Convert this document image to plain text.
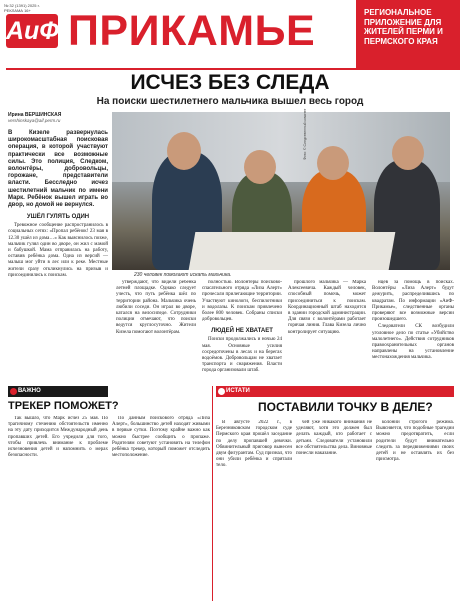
№ 32 (1391) 2025 г.
РЕКЛАМА 16+
АиФ ПРИКАМЬЕ	РЕГИОНАЛЬНОЕ ПРИЛОЖЕНИЕ ДЛЯ ЖИТЕЛЕЙ ПЕРМИ И ПЕРМСКОГО КРАЯ
ИСЧЕЗ БЕЗ СЛЕДА
На поиски шестилетнего мальчика вышел весь город
Ирина ВЕРШИНСКАЯ
vershinskaya@aif.perm.ru

В Кизеле развернулась широкомасштабная поисковая операция, в которой участвуют практически все возможные силы. Это полиция, Следком, волонтёры, добровольцы, горожане, представители власти. Бесследно исчез шестилетний мальчик по имени Марк. Ребёнок вышел играть во двор, но домой не вернулся.

УШЁЛ ГУЛЯТЬ ОДИН

Тревожное сообщение распространилось в социальных сетях: «Пропал ребёнок! 23 мая в 12.30 ушёл из дома…» Как выяснилось позже, мальчик гулял один во дворе, он жил с мамой и бабушкой. Мама отправилась на работу, оставив ребёнка дома. Одна из версий — малыш мог уйти в лес или к реке. Местные жители сразу откликнулись на призыв и присоединились к поискам.

Фото: © Следственный комитет
230 человек помогают искать мальчика.

утверждают, что видели ребёнка летней площадке. Однако следует учесть, что путь ребёнка шёл по территории района. Мальчика очень любили соседи. Он играл во дворе, катался на велосипеде. Сотрудники полиции отмечают, что поиски ведутся круглосуточно. Жители Кизела помогают волонтёрам.

полностью. Волонтёры поисково-спасательного отряда «Лиза Алерт» прочесали прилегающие территории. Участвуют кинологи, беспилотники и водолазы. К поискам привлечено более 800 человек. Собраны списки добровольцев.

ЛЮДЕЙ НЕ ХВАТАЕТ

Поиски продолжались и ночью 24 мая. Основные усилия сосредоточены в лесах и на берегах водоёмов. Добровольцам не хватает транспорта и снаряжения. Власти города организовали штаб.

прошлого мальчика — Марка Алексеевича. Каждый человек, способный помочь, может присоединиться к поискам. Координационный штаб находится в здании городской администрации. Для связи с волонтёрами работает горячая линия. Глава Кизелa лично контролирует ситуацию.

нцев за помощь в поисках. Волонтёры «Лиза Алерт» будут дежурить, распределившись по квадратам. По информации «АиФ-Прикамье», следственные органы проверяют все возможные версии произошедшего.

Следователи СК возбудили уголовное дело по статье «Убийство малолетнего». Действия сотрудников правоохранительных органов направлены на установление местонахождения мальчика.

ВАЖНО
ТРЕКЕР ПОМОЖЕТ?

Так вышло, что Марк исчез 25 мая. По трагичному стечению обстоятельств именно на эту дату приходится Международный день пропавших детей. Его учредили для того, чтобы привлечь внимание к проблеме исчезновения детей и напомнить о мерах безопасности.

По данным поискового отряда «Лиза Алерт», большинство детей находят живыми в первые сутки. Поэтому крайне важно как можно быстрее сообщить о пропаже. Родителям советуют установить на телефон ребёнка трекер, который поможет отследить местоположение.

ИСТАТИ
ПОСТАВИЛИ ТОЧКУ В ДЕЛЕ?

В августе 2022 г., в Березниковском городском суде Пермского края прошёл заседание по делу пропавшей девочки. Обвинительный приговор вынесен двум фигурантам. Суд признал, что они убили ребёнка и спрятали тело.

чей уже никакого внимания не уделяют, хотя это должен был делать каждый, кто работает с детьми. Следователи установили все обстоятельства дела. Виновные понесли наказание.

колонии строгого режима. Выясняется, что подобные трагедии можно предотвратить, если родители будут внимательно следить за передвижениями своих детей и не оставлять их без присмотра.
